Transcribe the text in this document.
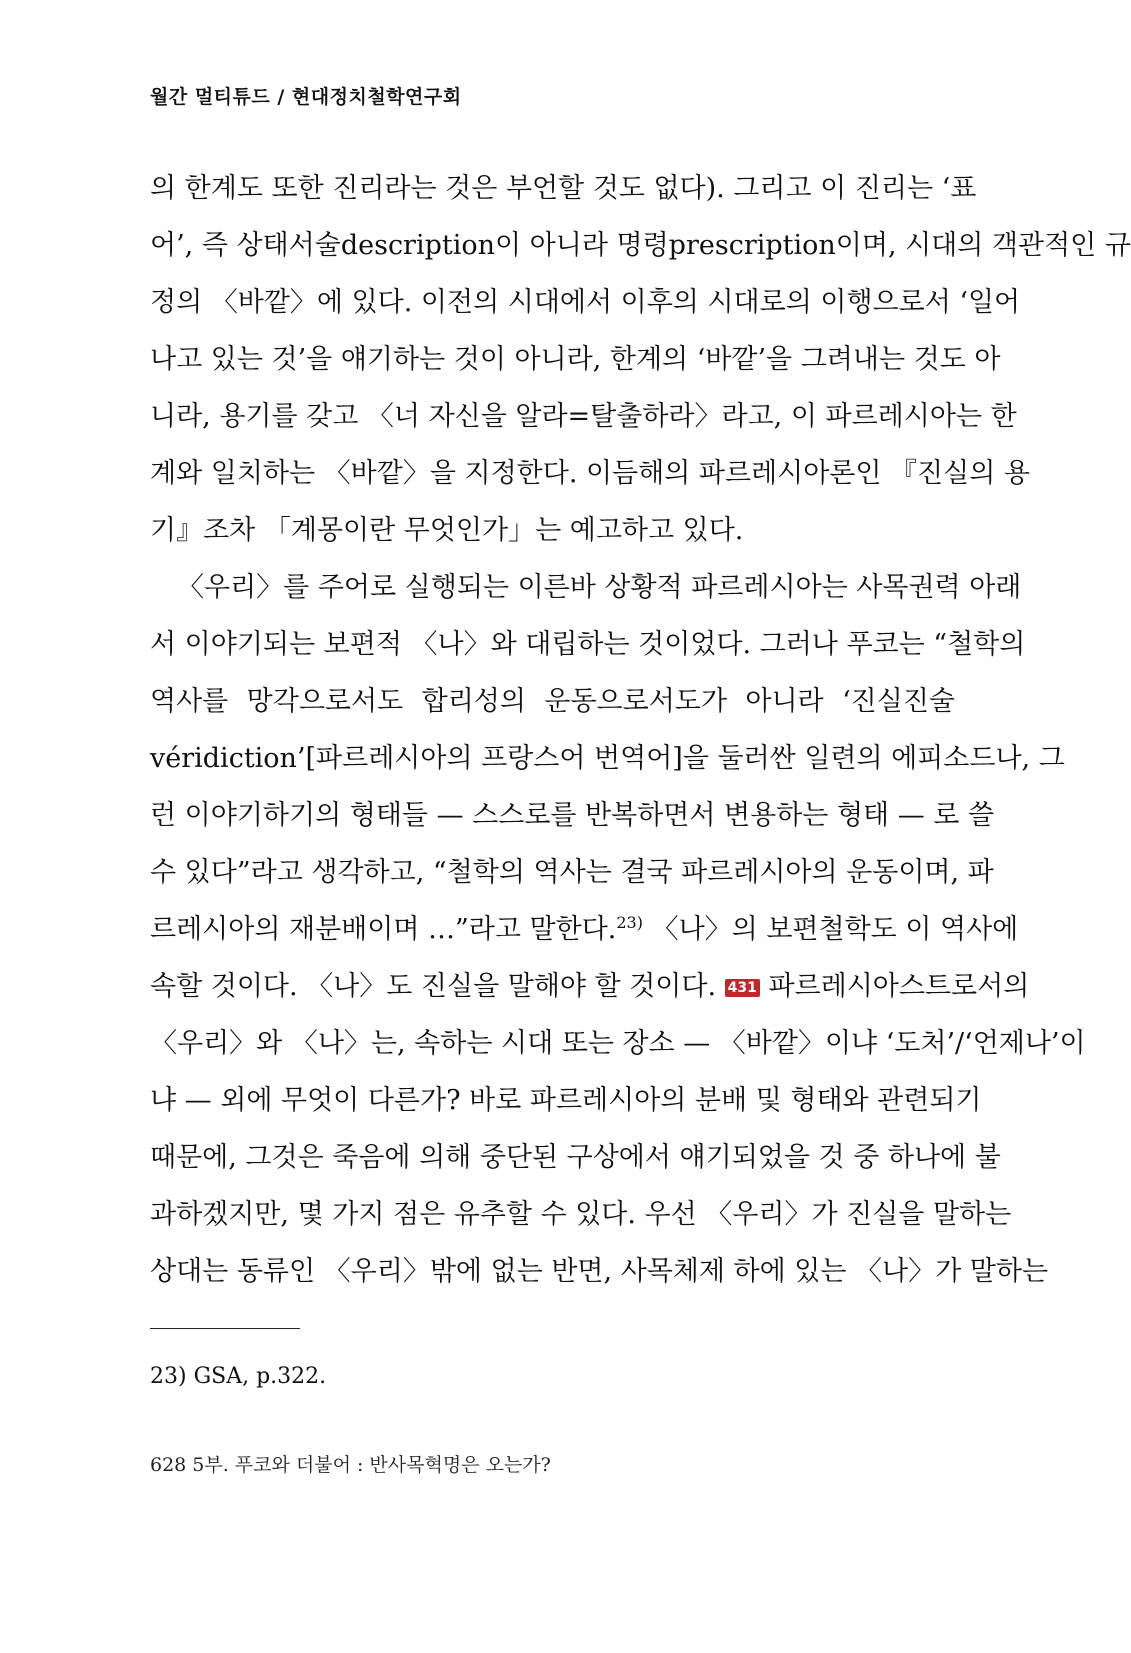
월간 멀티튜드 / 현대정치철학연구회
의 한계도 또한 진리라는 것은 부언할 것도 없다). 그리고 이 진리는 ‘표
어’, 즉 상태서술description이 아니라 명령prescription이며, 시대의 객관적인 규
정의 〈바깥〉에 있다. 이전의 시대에서 이후의 시대로의 이행으로서 ‘일어
나고 있는 것’을 얘기하는 것이 아니라, 한계의 ‘바깥’을 그려내는 것도 아
니라, 용기를 갖고 〈너 자신을 알라=탈출하라〉라고, 이 파르레시아는 한
계와 일치하는 〈바깥〉을 지정한다. 이듬해의 파르레시아론인 『진실의 용
기』조차 「계몽이란 무엇인가」는 예고하고 있다.
〈우리〉를 주어로 실행되는 이른바 상황적 파르레시아는 사목권력 아래
서 이야기되는 보편적 〈나〉와 대립하는 것이었다. 그러나 푸코는 “철학의
역사를 망각으로서도 합리성의 운동으로서도가 아니라 ‘진실진술
véridiction’[파르레시아의 프랑스어 번역어]을 둘러싼 일련의 에피소드나, 그
런 이야기하기의 형태들 — 스스로를 반복하면서 변용하는 형태 — 로 쓸
수 있다”라고 생각하고, “철학의 역사는 결국 파르레시아의 운동이며, 파
르레시아의 재분배이며 …”라고 말한다.$^{23)}$ 〈나〉의 보편철학도 이 역사에
속할 것이다. 〈나〉도 진실을 말해야 할 것이다. 431 파르레시아스트로서의
〈우리〉와 〈나〉는, 속하는 시대 또는 장소 — 〈바깥〉이냐 ‘도처’/‘언제나’이
냐 — 외에 무엇이 다른가? 바로 파르레시아의 분배 및 형태와 관련되기
때문에, 그것은 죽음에 의해 중단된 구상에서 얘기되었을 것 중 하나에 불
과하겠지만, 몇 가지 점은 유추할 수 있다. 우선 〈우리〉가 진실을 말하는
상대는 동류인 〈우리〉밖에 없는 반면, 사목체제 하에 있는 〈나〉가 말하는
23) GSA, p.322.
628 5부. 푸코와 더불어 : 반사목혁명은 오는가?
